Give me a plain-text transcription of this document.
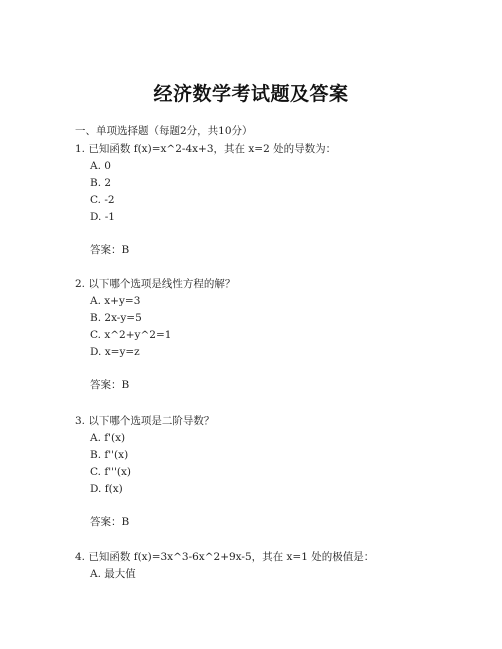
经济数学考试题及答案
一、单项选择题（每题2分，共10分）
1. 已知函数 f(x)=x^2-4x+3，其在 x=2 处的导数为：
A. 0
B. 2
C. -2
D. -1
答案：B
2. 以下哪个选项是线性方程的解？
A. x+y=3
B. 2x-y=5
C. x^2+y^2=1
D. x=y=z
答案：B
3. 以下哪个选项是二阶导数？
A. f'(x)
B. f''(x)
C. f'''(x)
D. f(x)
答案：B
4. 已知函数 f(x)=3x^3-6x^2+9x-5，其在 x=1 处的极值是：
A. 最大值
